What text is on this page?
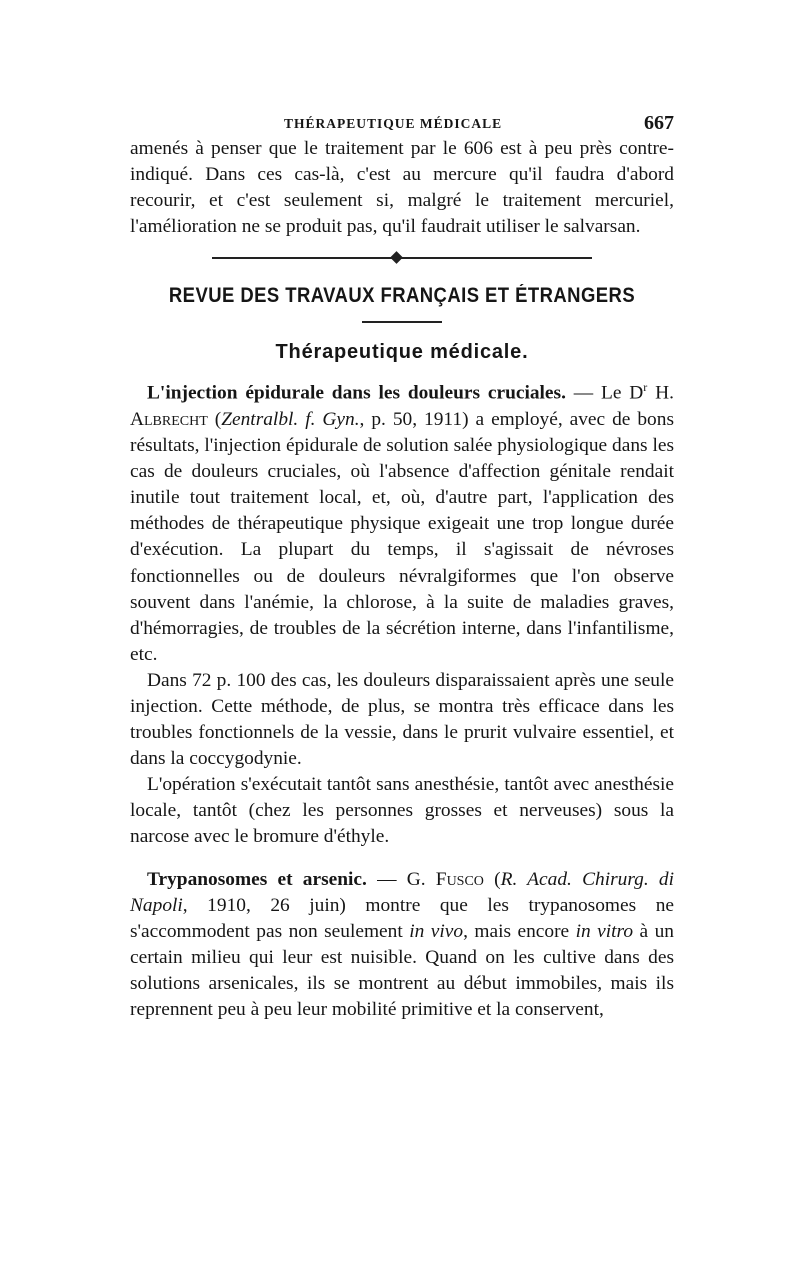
THÉRAPEUTIQUE MÉDICALE	667

amenés à penser que le traitement par le 606 est à peu près contre-indiqué. Dans ces cas-là, c'est au mercure qu'il faudra d'abord recourir, et c'est seulement si, malgré le traitement mercuriel, l'amélioration ne se produit pas, qu'il faudrait utiliser le salvarsan.

REVUE DES TRAVAUX FRANÇAIS ET ÉTRANGERS
Thérapeutique médicale.

L'injection épidurale dans les douleurs cruciales. — Le $D^r$ H. Albrecht (Zentralbl. f. Gyn., p. 50, 1911) a employé, avec de bons résultats, l'injection épidurale de solution salée physiologique dans les cas de douleurs cruciales, où l'absence d'affection génitale rendait inutile tout traitement local, et, où, d'autre part, l'application des méthodes de thérapeutique physique exigeait une trop longue durée d'exécution. La plupart du temps, il s'agissait de névroses fonctionnelles ou de douleurs névralgiformes que l'on observe souvent dans l'anémie, la chlorose, à la suite de maladies graves, d'hémorragies, de troubles de la sécrétion interne, dans l'infantilisme, etc.

Dans 72 p. 100 des cas, les douleurs disparaissaient après une seule injection. Cette méthode, de plus, se montra très efficace dans les troubles fonctionnels de la vessie, dans le prurit vulvaire essentiel, et dans la coccygodynie.

L'opération s'exécutait tantôt sans anesthésie, tantôt avec anesthésie locale, tantôt (chez les personnes grosses et nerveuses) sous la narcose avec le bromure d'éthyle.

Trypanosomes et arsenic. — G. Fusco (R. Acad. Chirurg. di Napoli, 1910, 26 juin) montre que les trypanosomes ne s'accommodent pas non seulement in vivo, mais encore in vitro à un certain milieu qui leur est nuisible. Quand on les cultive dans des solutions arsenicales, ils se montrent au début immobiles, mais ils reprennent peu à peu leur mobilité primitive et la conservent,
